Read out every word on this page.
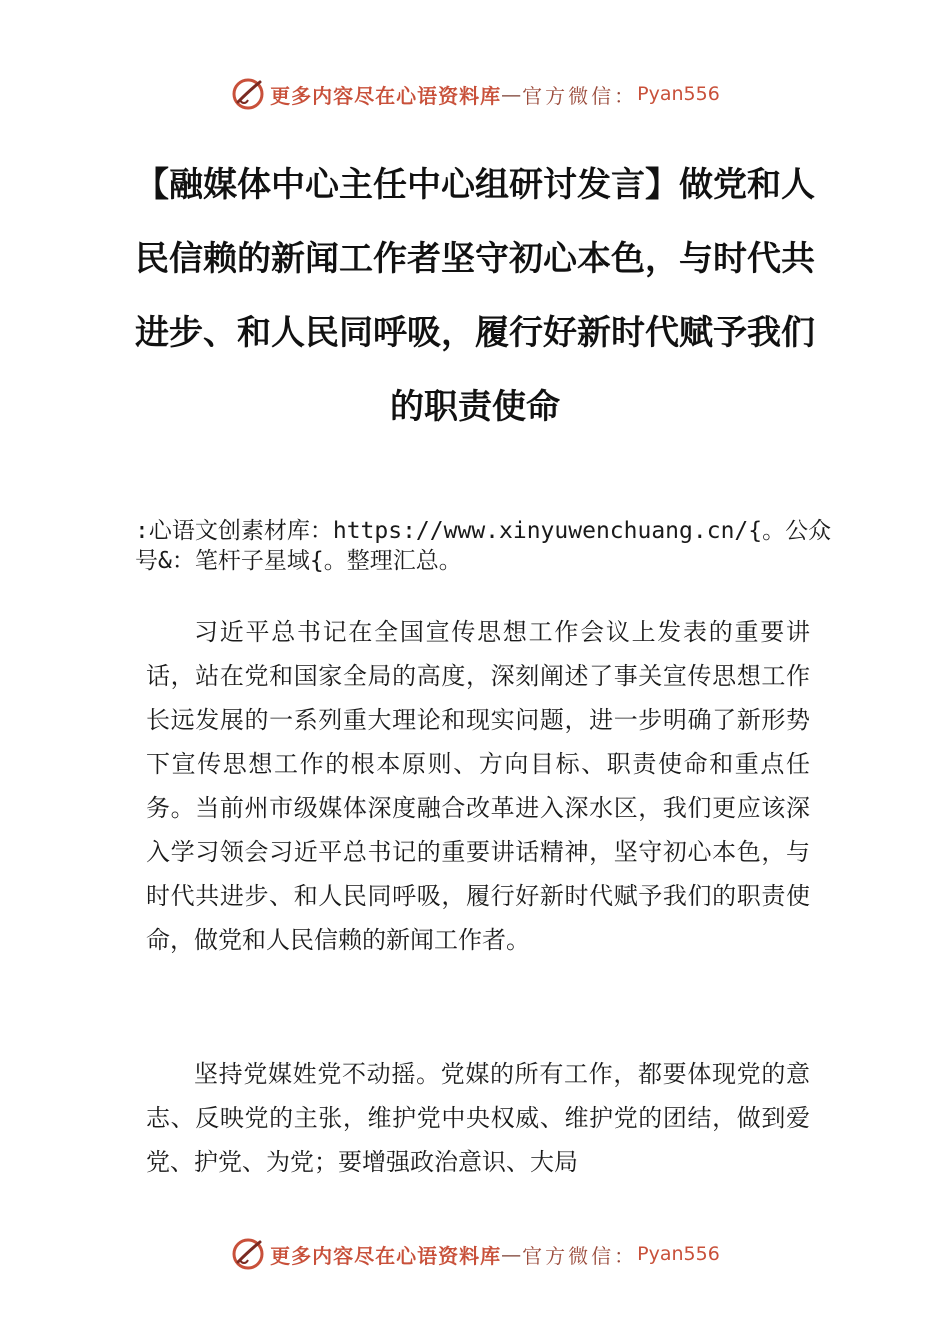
更多内容尽在心语资料库 — 官方微信： Pyan556
【融媒体中心主任中心组研讨发言】做党和人民信赖的新闻工作者坚守初心本色，与时代共进步、和人民同呼吸，履行好新时代赋予我们的职责使命

:心语文创素材库：https://www.xinyuwenchuang.cn/{。公众号&：笔杆子星域{。整理汇总。

习近平总书记在全国宣传思想工作会议上发表的重要讲话，站在党和国家全局的高度，深刻阐述了事关宣传思想工作长远发展的一系列重大理论和现实问题，进一步明确了新形势下宣传思想工作的根本原则、方向目标、职责使命和重点任务。当前州市级媒体深度融合改革进入深水区，我们更应该深入学习领会习近平总书记的重要讲话精神，坚守初心本色，与时代共进步、和人民同呼吸，履行好新时代赋予我们的职责使命，做党和人民信赖的新闻工作者。

坚持党媒姓党不动摇。党媒的所有工作，都要体现党的意志、反映党的主张，维护党中央权威、维护党的团结，做到爱党、护党、为党；要增强政治意识、大局

更多内容尽在心语资料库 — 官方微信： Pyan556
